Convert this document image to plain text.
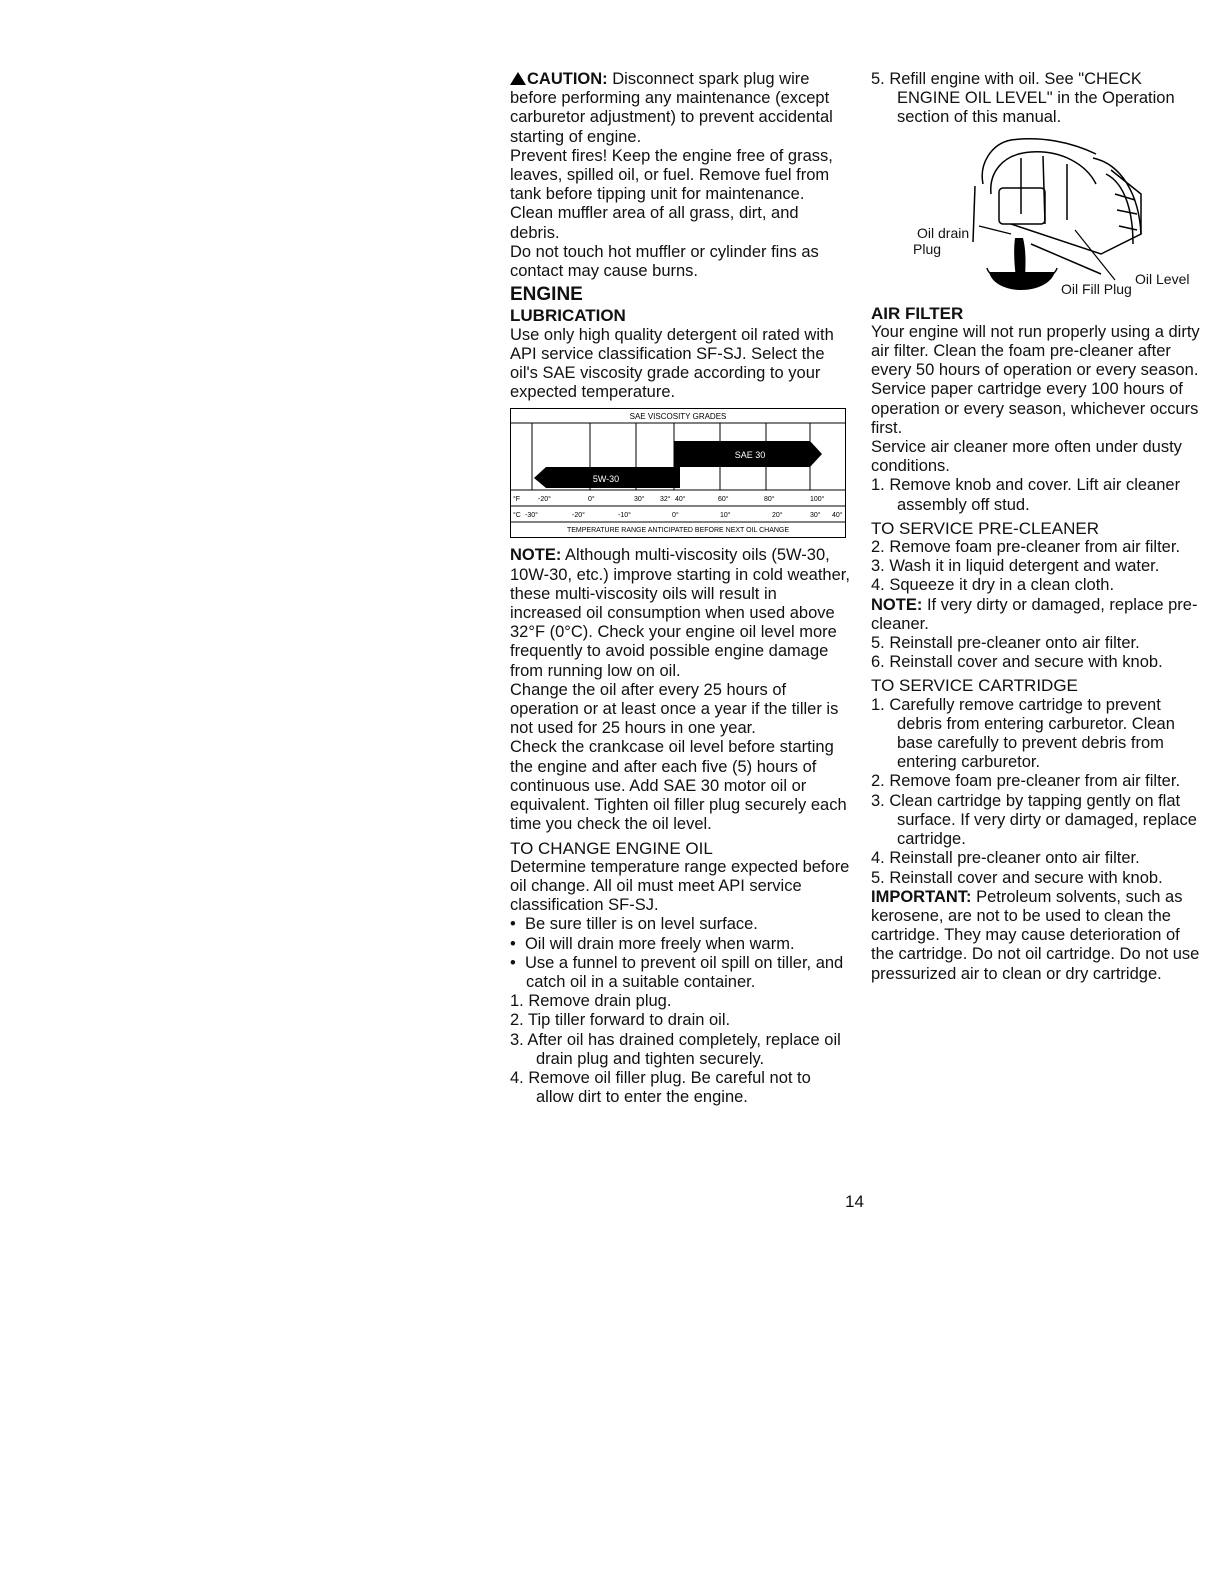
CAUTION: Disconnect spark plug wire before performing any maintenance (except carburetor adjustment) to prevent accidental starting of engine.

Prevent fires! Keep the engine free of grass, leaves, spilled oil, or fuel. Remove fuel from tank before tipping unit for maintenance. Clean muffler area of all grass, dirt, and debris.

Do not touch hot muffler or cylinder fins as contact may cause burns.

ENGINE
LUBRICATION

Use only high quality detergent oil rated with API service classification SF-SJ. Select the oil's SAE viscosity grade according to your expected temperature.

SAE VISCOSITY GRADES
SAE 30
5W-30
°F	-20°	0°	30° 32° 40°	60°	80°	100°
°C -30°	-20°	-10°	0°	10°	20°	30° 40°
TEMPERATURE RANGE ANTICIPATED BEFORE NEXT OIL CHANGE

NOTE: Although multi-viscosity oils (5W-30, 10W-30, etc.) improve starting in cold weather, these multi-viscosity oils will result in increased oil consumption when used above 32°F (0°C). Check your engine oil level more frequently to avoid possible engine damage from running low on oil.

Change the oil after every 25 hours of operation or at least once a year if the tiller is not used for 25 hours in one year.

Check the crankcase oil level before starting the engine and after each five (5) hours of continuous use. Add SAE 30 motor oil or equivalent. Tighten oil filler plug securely each time you check the oil level.

TO CHANGE ENGINE OIL

Determine temperature range expected before oil change. All oil must meet API service classification SF-SJ.

•  Be sure tiller is on level surface.

•  Oil will drain more freely when warm.

•  Use a funnel to prevent oil spill on tiller, and catch oil in a suitable container.

1. Remove drain plug.

2. Tip tiller forward to drain oil.

3. After oil has drained completely, replace oil drain plug and tighten securely.

4. Remove oil filler plug. Be careful not to allow dirt to enter the engine.

5. Refill engine with oil. See "CHECK ENGINE OIL LEVEL" in the Operation section of this manual.

Oil drain
Plug
Oil Level
Oil Fill Plug
AIR FILTER

Your engine will not run properly using a dirty air filter. Clean the foam pre-cleaner after every 50 hours of operation or every season. Service paper cartridge every 100 hours of operation or every season, whichever occurs first.

Service air cleaner more often under dusty conditions.

1. Remove knob and cover. Lift air cleaner assembly off stud.

TO SERVICE PRE-CLEANER

2. Remove foam pre-cleaner from air filter.

3. Wash it in liquid detergent and water.

4. Squeeze it dry in a clean cloth.

NOTE: If very dirty or damaged, replace pre-cleaner.

5. Reinstall pre-cleaner onto air filter.

6. Reinstall cover and secure with knob.

TO SERVICE CARTRIDGE

1. Carefully remove cartridge to prevent debris from entering carburetor. Clean base carefully to prevent debris from entering carburetor.

2. Remove foam pre-cleaner from air filter.

3. Clean cartridge by tapping gently on flat surface. If very dirty or damaged, replace cartridge.

4. Reinstall pre-cleaner onto air filter.

5. Reinstall cover and secure with knob.

IMPORTANT: Petroleum solvents, such as kerosene, are not to be used to clean the cartridge. They may cause deterioration of the cartridge. Do not oil cartridge. Do not use pressurized air to clean or dry cartridge.

14
